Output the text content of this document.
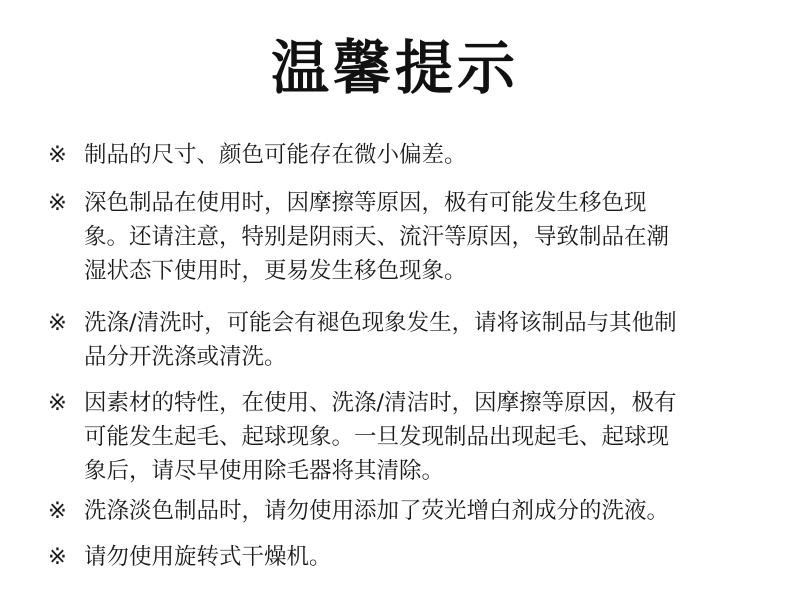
温馨提示
※ 制品的尺寸、颜色可能存在微小偏差。
※ 深色制品在使用时，因摩擦等原因，极有可能发生移色现
象。还请注意，特别是阴雨天、流汗等原因，导致制品在潮
湿状态下使用时，更易发生移色现象。
※ 洗涤/清洗时，可能会有褪色现象发生，请将该制品与其他制
品分开洗涤或清洗。
※ 因素材的特性，在使用、洗涤/清洁时，因摩擦等原因，极有
可能发生起毛、起球现象。一旦发现制品出现起毛、起球现
象后，请尽早使用除毛器将其清除。
※ 洗涤淡色制品时，请勿使用添加了荧光增白剂成分的洗液。
※ 请勿使用旋转式干燥机。
